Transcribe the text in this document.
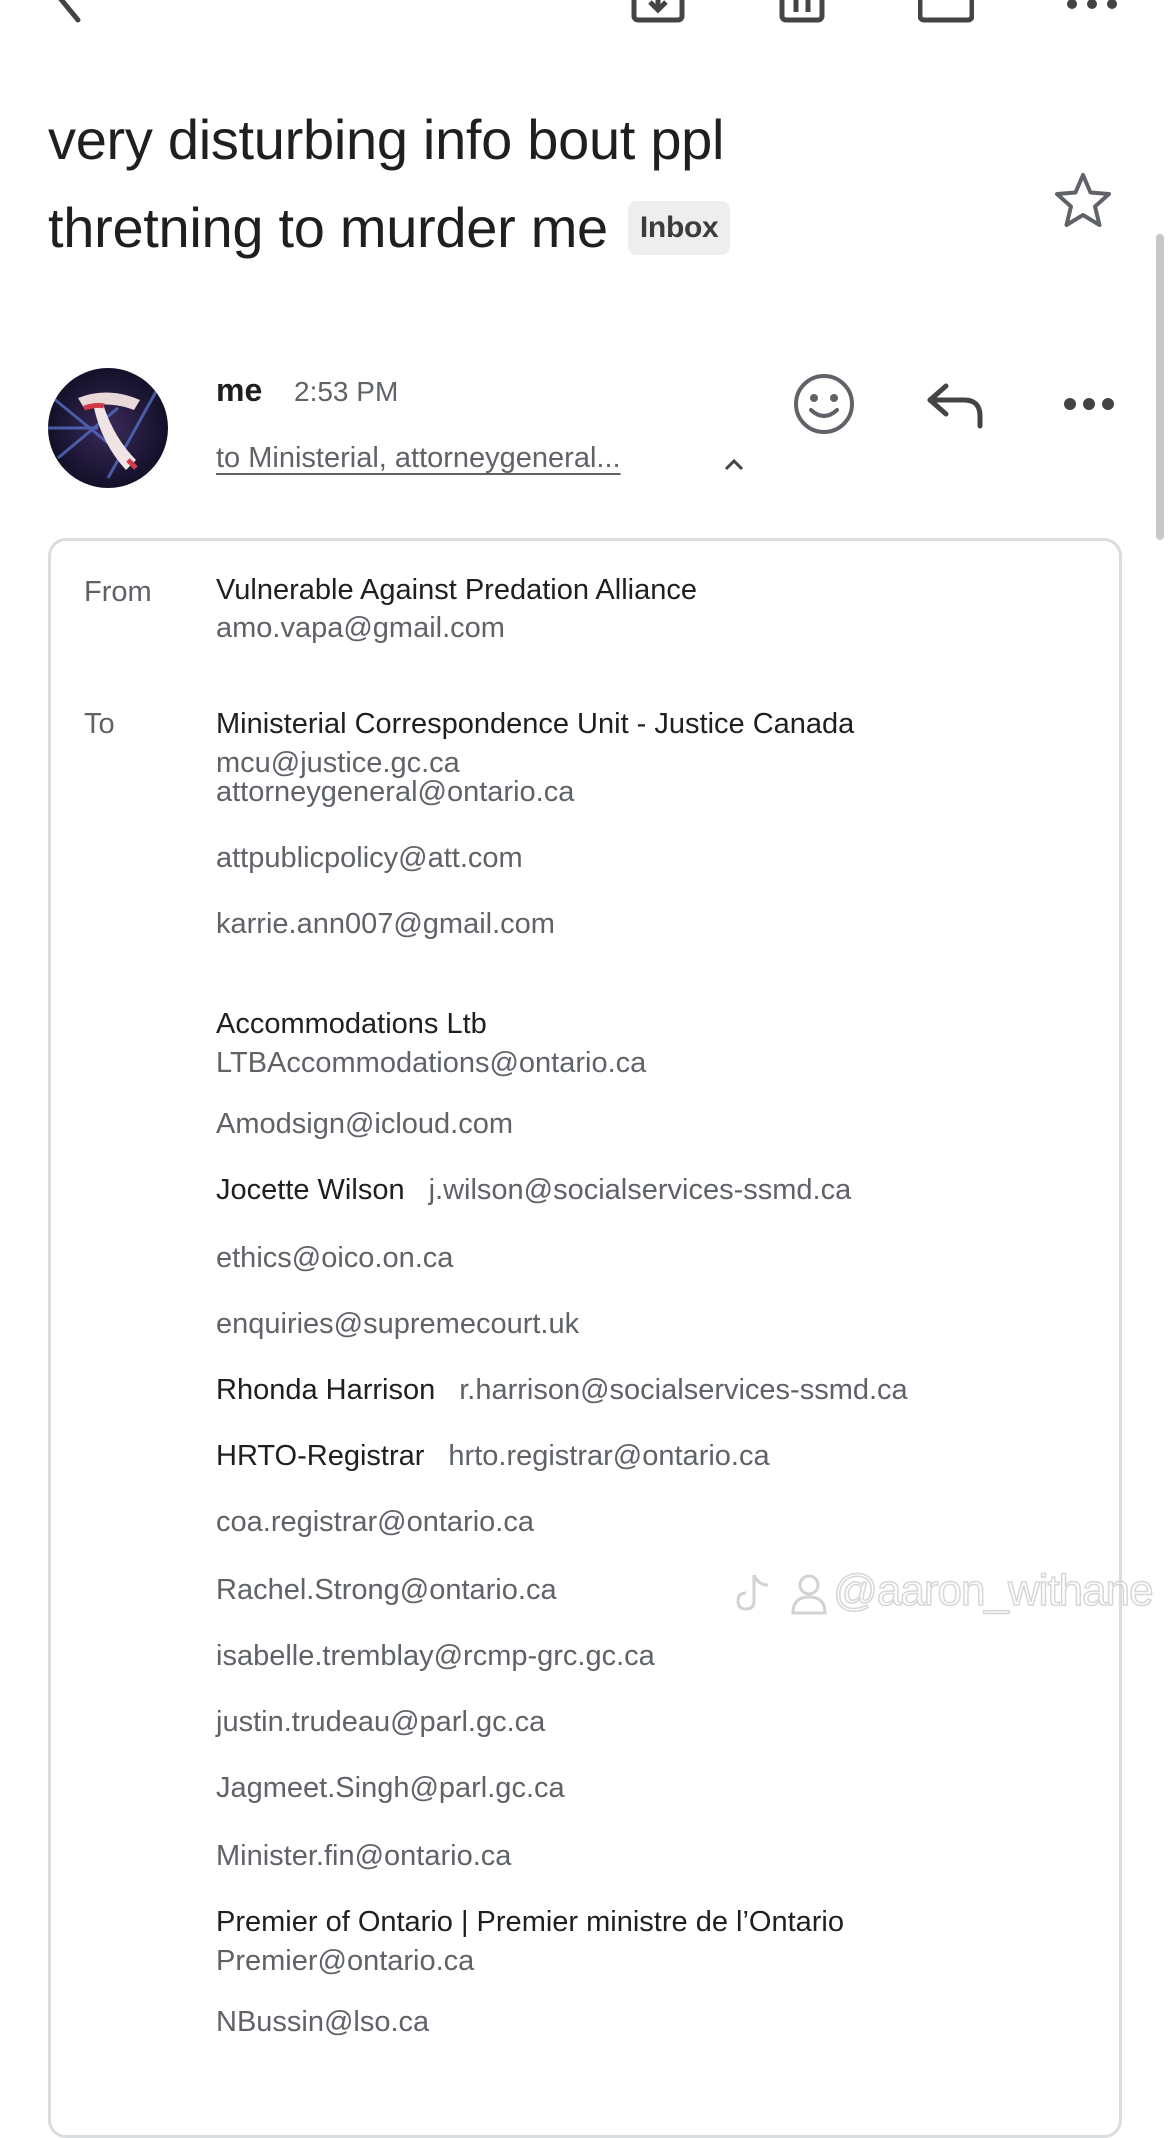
very disturbing info bout ppl
thretning to murder me Inbox
me 2:53 PM
to Ministerial, attorneygeneral...
From Vulnerable Against Predation Alliance
amo.vapa@gmail.com
To	Ministerial Correspondence Unit - Justice Canada
mcu@justice.gc.ca
attorneygeneral@ontario.ca
attpublicpolicy@att.com
karrie.ann007@gmail.com
Accommodations Ltb
LTBAccommodations@ontario.ca
Amodsign@icloud.com
Jocette Wilson j.wilson@socialservices-ssmd.ca
ethics@oico.on.ca
enquiries@supremecourt.uk
Rhonda Harrison r.harrison@socialservices-ssmd.ca
HRTO-Registrar hrto.registrar@ontario.ca
coa.registrar@ontario.ca
Rachel.Strong@ontario.ca
isabelle.tremblay@rcmp-grc.gc.ca
justin.trudeau@parl.gc.ca
Jagmeet.Singh@parl.gc.ca
Minister.fin@ontario.ca
Premier of Ontario | Premier ministre de l’Ontario
Premier@ontario.ca
NBussin@lso.ca
@aaron_withane
